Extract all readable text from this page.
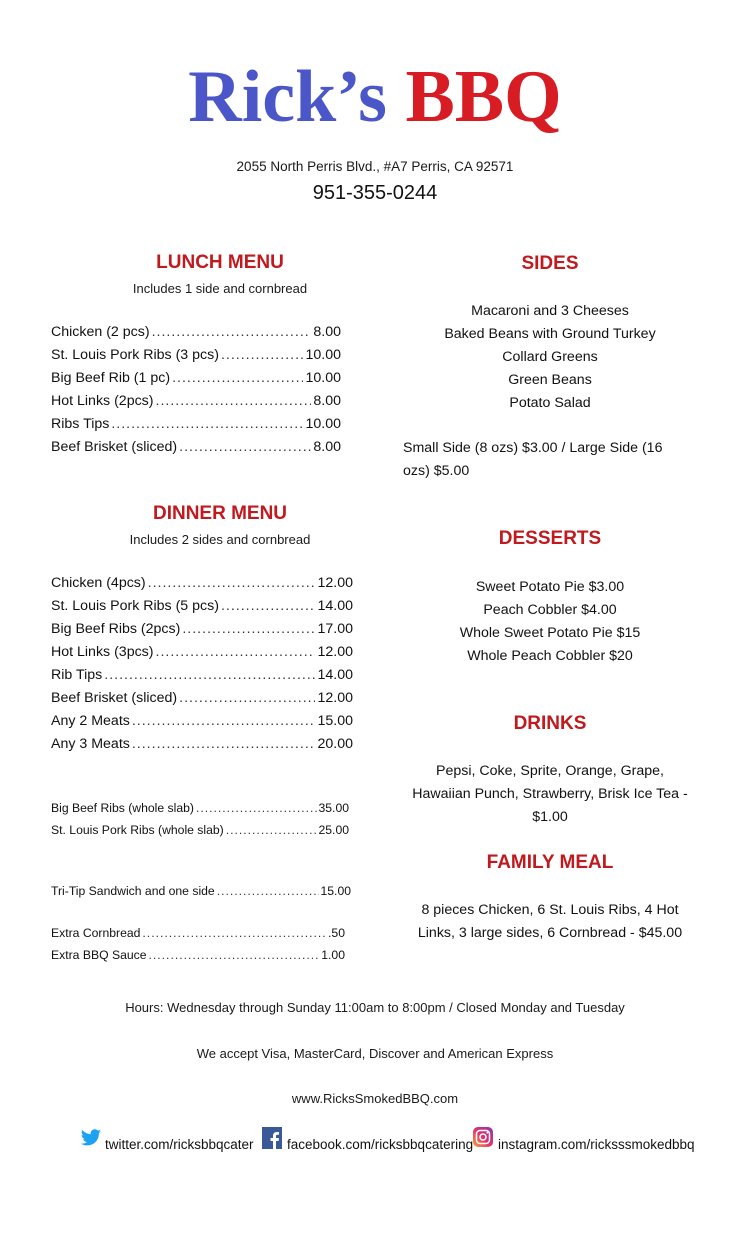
Rick’s BBQ
2055 North Perris Blvd., #A7 Perris, CA 92571
951-355-0244
LUNCH MENU
Includes 1 side and cornbread
Chicken (2 pcs) .....	8.00
St. Louis Pork Ribs (3 pcs) .....	10.00
Big Beef Rib (1 pc) .....	10.00
Hot Links (2pcs) .....	8.00
Ribs Tips .....	10.00
Beef Brisket (sliced) .....	8.00
DINNER MENU
Includes 2 sides and cornbread
Chicken (4pcs) .....	12.00
St. Louis Pork Ribs (5 pcs) .....	14.00
Big Beef Ribs (2pcs) .....	17.00
Hot Links (3pcs) .....	12.00
Rib Tips .....	14.00
Beef Brisket (sliced) .....	12.00
Any 2 Meats .....	15.00
Any 3 Meats .....	20.00
Big Beef Ribs (whole slab) .....	35.00
St. Louis Pork Ribs (whole slab) .....	25.00
Tri-Tip Sandwich and one side .....	15.00
Extra Cornbread .....	.50
Extra BBQ Sauce .....	1.00
SIDES
Macaroni and 3 Cheeses
Baked Beans with Ground Turkey
Collard Greens
Green Beans
Potato Salad
Small Side (8 ozs) $3.00 / Large Side (16 ozs) $5.00
DESSERTS
Sweet Potato Pie $3.00
Peach Cobbler $4.00
Whole Sweet Potato Pie $15
Whole Peach Cobbler $20
DRINKS
Pepsi, Coke, Sprite, Orange, Grape, Hawaiian Punch, Strawberry, Brisk Ice Tea - $1.00
FAMILY MEAL
8 pieces Chicken, 6 St. Louis Ribs, 4 Hot Links, 3 large sides, 6 Cornbread - $45.00
Hours: Wednesday through Sunday 11:00am to 8:00pm / Closed Monday and Tuesday
We accept Visa, MasterCard, Discover and American Express
www.RicksSmokedBBQ.com
twitter.com/ricksbbqcater facebook.com/ricksbbqcatering instagram.com/ricksssmokedbbq
